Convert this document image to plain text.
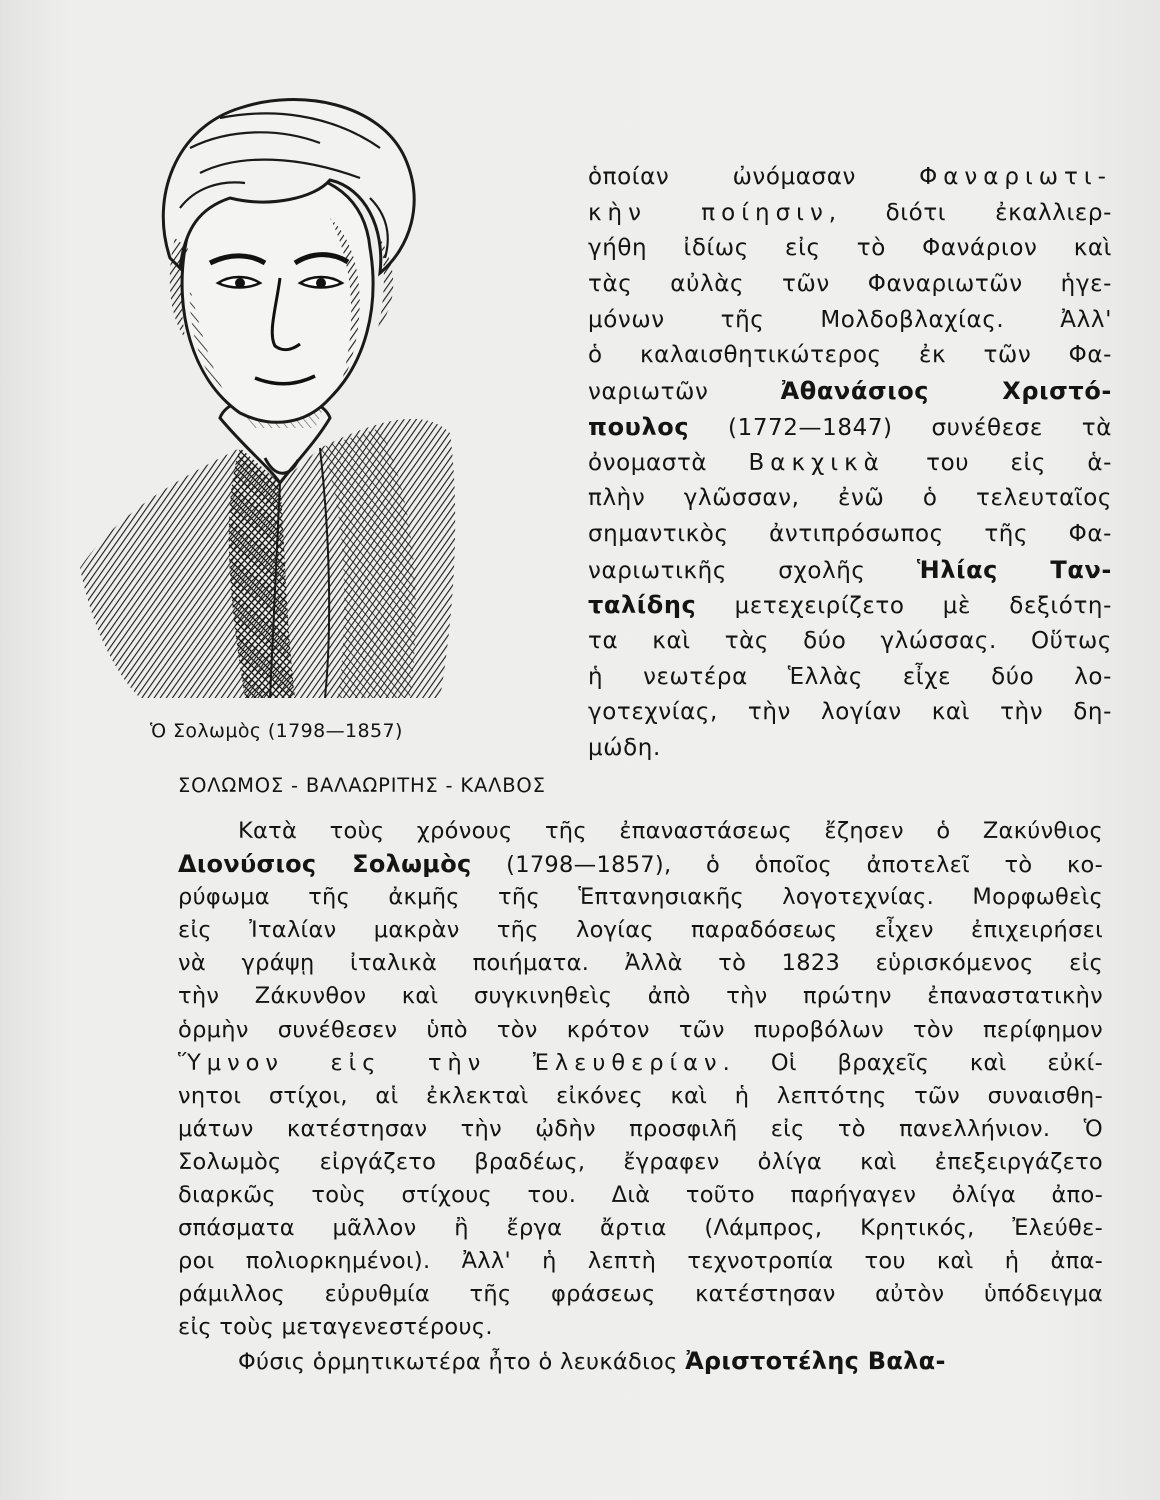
Ὁ Σολωμὸς (1798—1857)
ὁποίαν ὠνόμασαν Φαναριωτι-
κὴν ποίησιν, διότι ἐκαλλιερ-
γήθη ἰδίως εἰς τὸ Φανάριον καὶ
τὰς αὐλὰς τῶν Φαναριωτῶν ἡγε-
μόνων τῆς Μολδοβλαχίας. Ἀλλ'
ὁ καλαισθητικώτερος ἐκ τῶν Φα-
ναριωτῶν Ἀθανάσιος Χριστό-
πουλος (1772—1847) συνέθεσε τὰ
ὀνομαστὰ Βακχικὰ του εἰς ἁ-
πλὴν γλῶσσαν, ἐνῶ ὁ τελευταῖος
σημαντικὸς ἀντιπρόσωπος τῆς Φα-
ναριωτικῆς σχολῆς Ἡλίας Ταν-
ταλίδης μετεχειρίζετο μὲ δεξιότη-
τα καὶ τὰς δύο γλώσσας. Οὕτως
ἡ νεωτέρα Ἑλλὰς εἶχε δύο λο-
γοτεχνίας, τὴν λογίαν καὶ τὴν δη-
μώδη.
ΣΟΛΩΜΟΣ - ΒΑΛΑΩΡΙΤΗΣ - ΚΑΛΒΟΣ
Κατὰ τοὺς χρόνους τῆς ἐπαναστάσεως ἔζησεν ὁ Ζακύνθιος
Διονύσιος Σολωμὸς (1798—1857), ὁ ὁποῖος ἀποτελεῖ τὸ κο-
ρύφωμα τῆς ἀκμῆς τῆς Ἑπτανησιακῆς λογοτεχνίας. Μορφωθεὶς
εἰς Ἰταλίαν μακρὰν τῆς λογίας παραδόσεως εἶχεν ἐπιχειρήσει
νὰ γράψῃ ἰταλικὰ ποιήματα. Ἀλλὰ τὸ 1823 εὑρισκόμενος εἰς
τὴν Ζάκυνθον καὶ συγκινηθεὶς ἀπὸ τὴν πρώτην ἐπαναστατικὴν
ὁρμὴν συνέθεσεν ὑπὸ τὸν κρότον τῶν πυροβόλων τὸν περίφημον
Ὕμνον εἰς τὴν Ἐλευθερίαν. Οἱ βραχεῖς καὶ εὐκί-
νητοι στίχοι, αἱ ἐκλεκταὶ εἰκόνες καὶ ἡ λεπτότης τῶν συναισθη-
μάτων κατέστησαν τὴν ᾠδὴν προσφιλῆ εἰς τὸ πανελλήνιον. Ὁ
Σολωμὸς εἰργάζετο βραδέως, ἔγραφεν ὀλίγα καὶ ἐπεξειργάζετο
διαρκῶς τοὺς στίχους του. Διὰ τοῦτο παρήγαγεν ὀλίγα ἀπο-
σπάσματα μᾶλλον ἢ ἔργα ἄρτια (Λάμπρος, Κρητικός, Ἐλεύθε-
ροι πολιορκημένοι). Ἀλλ' ἡ λεπτὴ τεχνοτροπία του καὶ ἡ ἀπα-
ράμιλλος εὐρυθμία τῆς φράσεως κατέστησαν αὐτὸν ὑπόδειγμα
εἰς τοὺς μεταγενεστέρους.
Φύσις ὁρμητικωτέρα ἦτο ὁ λευκάδιος Ἀριστοτέλης Βαλα-
